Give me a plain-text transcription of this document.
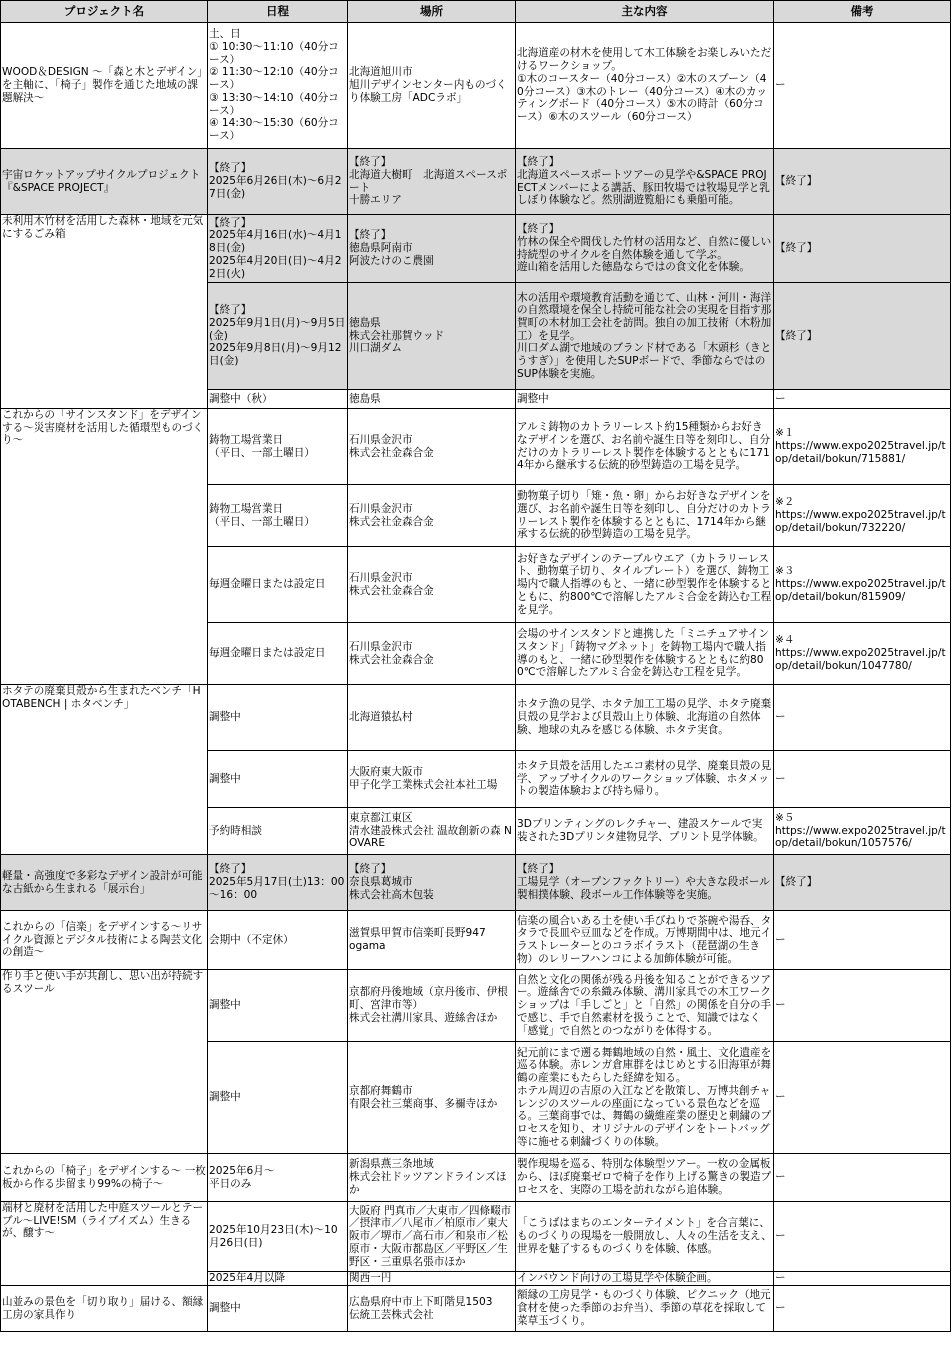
プロジェクト名	日程	場所	主な内容	備考

WOOD＆DESIGN ～「森と木とデザイン」を主軸に、「椅子」製作を通じた地域の課題解決～	土、日
① 10:30～11:10（40分コース）
② 11:30～12:10（40分コース）
③ 13:30～14:10（40分コース）
④ 14:30～15:30（60分コース）	北海道旭川市
旭川デザインセンター内ものづくり体験工房「ADCラボ」	北海道産の材木を使用して木工体験をお楽しみいただけるワークショップ。
①木のコースター（40分コース）②木のスプーン（40分コース）③木のトレー（40分コース）④木のカッティングボード（40分コース）⑤木の時計（60分コース）⑥木のスツール（60分コース）	ー

宇宙ロケットアップサイクルプロジェクト『&SPACE PROJECT』	【終了】
2025年6月26日(木)～6月27日(金)	【終了】
北海道大樹町　北海道スペースポート
十勝エリア	【終了】
北海道スペースポートツアーの見学や&SPACE PROJECTメンバーによる講話、豚田牧場では牧場見学と乳しぼり体験など。然別湖遊覧船にも乗船可能。	【終了】

未利用木竹材を活用した森林・地域を元気にするごみ箱	【終了】
2025年4月16日(水)～4月18日(金)
2025年4月20日(日)～4月22日(火)	【終了】
徳島県阿南市
阿波たけのこ農園	【終了】
竹林の保全や間伐した竹材の活用など、自然に優しい持続型のサイクルを自然体験を通して学ぶ。
遊山箱を活用した徳島ならではの食文化を体験。	【終了】

	【終了】
2025年9月1日(月)～9月5日(金)
2025年9月8日(月)～9月12日(金)	徳島県
株式会社那賀ウッド
川口湖ダム	木の活用や環境教育活動を通じて、山林・河川・海洋の自然環境を保全し持続可能な社会の実現を目指す那賀町の木材加工会社を訪問。独自の加工技術（木粉加工）を見学。
川口ダム湖で地域のブランド材である「木頭杉（きとうすぎ）」を使用したSUPボードで、季節ならではのSUP体験を実施。	【終了】

	調整中（秋）	徳島県	調整中	ー

これからの「サインスタンド」をデザインする～災害廃材を活用した循環型ものづくり～	鋳物工場営業日
（平日、一部土曜日）	石川県金沢市
株式会社金森合金	アルミ鋳物のカトラリーレスト約15種類からお好きなデザインを選び、お名前や誕生日等を刻印し、自分だけのカトラリーレスト製作を体験するとともに1714年から継承する伝統的砂型鋳造の工場を見学。	※１
https://www.expo2025travel.jp/top/detail/bokun/715881/

	鋳物工場営業日
（平日、一部土曜日）	石川県金沢市
株式会社金森合金	動物菓子切り「雉・魚・卵」からお好きなデザインを選び、お名前や誕生日等を刻印し、自分だけのカトラリーレスト製作を体験するとともに、1714年から継承する伝統的砂型鋳造の工場を見学。	※２
https://www.expo2025travel.jp/top/detail/bokun/732220/

	毎週金曜日または設定日	石川県金沢市
株式会社金森合金	お好きなデザインのテーブルウエア（カトラリーレスト、動物菓子切り、タイルプレート）を選び、鋳物工場内で職人指導のもと、一緒に砂型製作を体験するとともに、約800℃で溶解したアルミ合金を鋳込む工程を見学。	※３
https://www.expo2025travel.jp/top/detail/bokun/815909/

	毎週金曜日または設定日	石川県金沢市
株式会社金森合金	会場のサインスタンドと連携した「ミニチュアサインスタンド」「鋳物マグネット」を鋳物工場内で職人指導のもと、一緒に砂型製作を体験するとともに約800℃で溶解したアルミ合金を鋳込む工程を見学。	※４
https://www.expo2025travel.jp/top/detail/bokun/1047780/

ホタテの廃棄貝殻から生まれたベンチ「HOTABENCH | ホタベンチ」	調整中	北海道猿払村	ホタテ漁の見学、ホタテ加工工場の見学、ホタテ廃棄貝殻の見学および貝殻山上り体験、北海道の自然体験、地球の丸みを感じる体験、ホタテ実食。	ー

	調整中	大阪府東大阪市
甲子化学工業株式会社本社工場	ホタテ貝殻を活用したエコ素材の見学、廃棄貝殻の見学、アップサイクルのワークショップ体験、ホタメットの製造体験および持ち帰り。	ー

	予約時相談	東京都江東区
清水建設株式会社 温故創新の森 NOVARE	3Dプリンティングのレクチャー、建設スケールで実装された3Dプリンタ建物見学、プリント見学体験。	※５
https://www.expo2025travel.jp/top/detail/bokun/1057576/

軽量・高強度で多彩なデザイン設計が可能な古紙から生まれる「展示台」	【終了】
2025年5月17日(土)13：00～16：00	【終了】
奈良県葛城市
株式会社高木包装	【終了】
工場見学（オープンファクトリー）や大きな段ボール製相撲体験、段ボール工作体験等を実施。	【終了】

これからの「信楽」をデザインする～リサイクル資源とデジタル技術による陶芸文化の創造～	会期中（不定休）	滋賀県甲賀市信楽町長野947
ogama	信楽の風合いある土を使い手びねりで茶碗や湯呑、タタラで長皿や豆皿などを作成。万博期間中は、地元イラストレーターとのコラボイラスト（琵琶湖の生き物）のレリーフハンコによる加飾体験が可能。	ー

作り手と使い手が共創し、思い出が持続するスツール	調整中	京都府丹後地域（京丹後市、伊根町、宮津市等）
株式会社溝川家具、遊絲舎ほか	自然と文化の関係が残る丹後を知ることができるツアー。遊絲舎での糸織み体験、溝川家具での木工ワークショップは「手しごと」と「自然」の関係を自分の手で感じ、手で自然素材を扱うことで、知識ではなく「感覚」で自然とのつながりを体得する。	ー

	調整中	京都府舞鶴市
有限会社三葉商事、多禰寺ほか	紀元前にまで遡る舞鶴地域の自然・風土、文化遺産を巡る体験。赤レンガ倉庫群をはじめとする旧海軍が舞鶴の産業にもたらした経緯を知る。
ホテル周辺の吉原の入江などを散策し、万博共創チャレンジのスツールの座面になっている景色などを巡る。三葉商事では、舞鶴の繊維産業の歴史と刺繍のプロセスを知り、オリジナルのデザインをトートバッグ等に施せる刺繍づくりの体験。	ー

これからの「椅子」をデザインする～ 一枚板から作る歩留まり99%の椅子～	2025年6月～
平日のみ	新潟県燕三条地域
株式会社ドッツアンドラインズほか	製作現場を巡る、特別な体験型ツアー。一枚の金属板から、ほぼ廃棄ゼロで椅子を作り上げる驚きの製造プロセスを、実際の工場を訪れながら追体験。	ー

端材と廃材を活用した中庭スツールとテーブル～LIVE!SM（ライブイズム）生きるが、醸す～	2025年10月23日(木)～10月26日(日)	大阪府 門真市／大東市／四條畷市／摂津市／八尾市／柏原市／東大阪市／堺市／高石市／和泉市／松原市・大阪市都島区／平野区／生野区・三重県名張市ほか	「こうばはまちのエンターテイメント」を合言葉に、ものづくりの現場を一般開放し、人々の生活を支え、世界を魅了するものづくりを体験、体感。	ー

	2025年4月以降	関西一円	インバウンド向けの工場見学や体験企画。	ー

山並みの景色を「切り取り」届ける、額縁工房の家具作り	調整中	広島県府中市上下町階見1503
伝統工芸株式会社	額縁の工房見学・ものづくり体験、ピクニック（地元食材を使った季節のお弁当）、季節の草花を採取して菜草玉づくり。	ー
